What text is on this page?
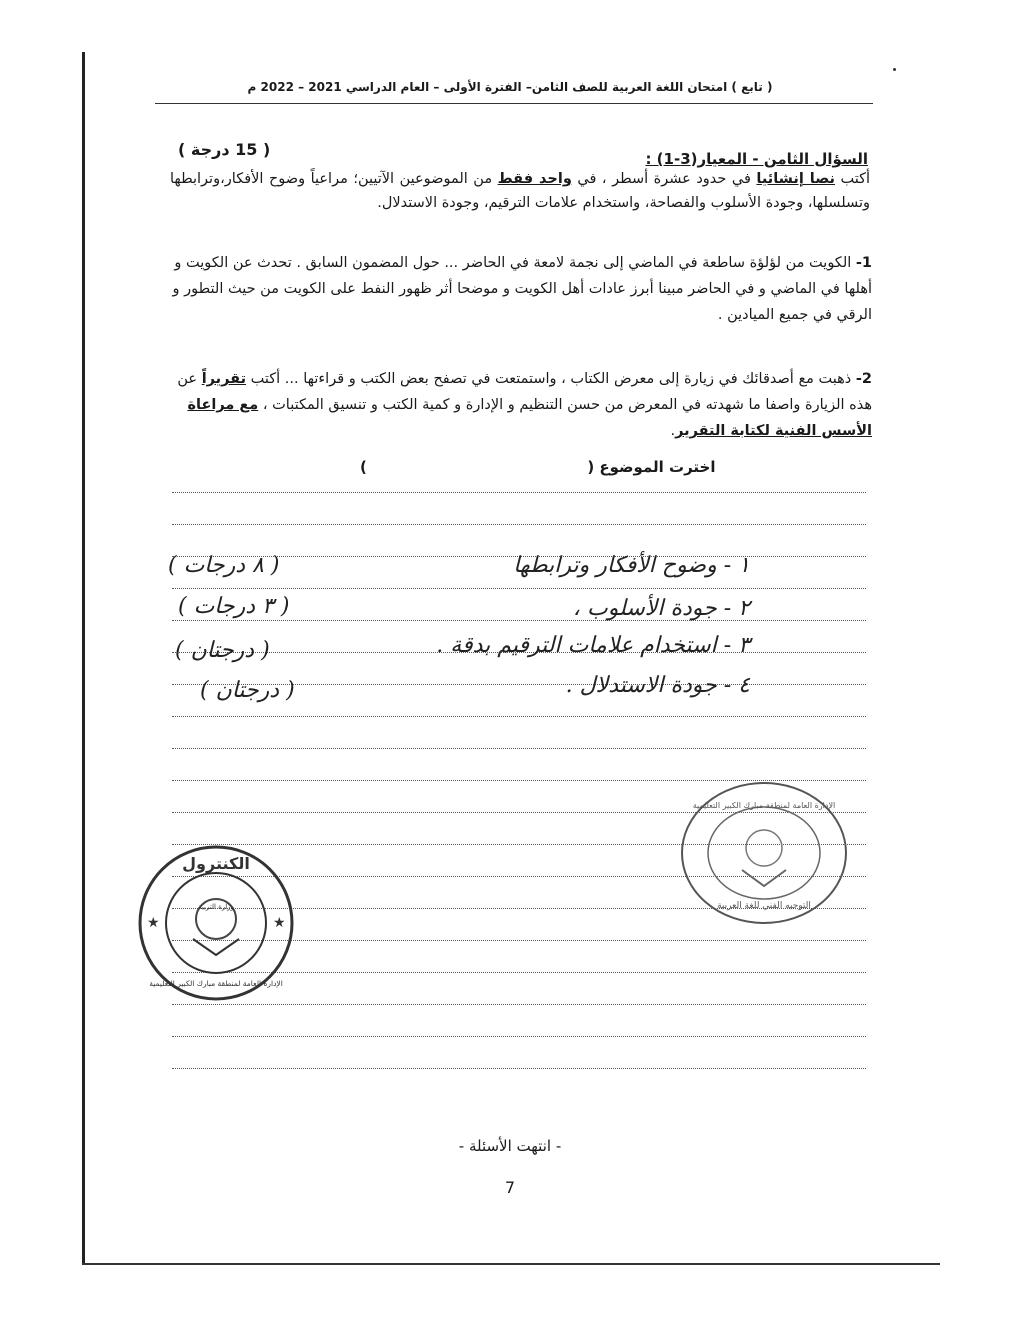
( تابع ) امتحان اللغة العربية للصف الثامن– الفترة الأولى – العام الدراسي 2021 – 2022 م
السؤال الثامن - المعيار(3-1) :
( 15 درجة )
أكتب نصا إنشائيا في حدود عشرة أسطر ، في واحد فقط من الموضوعين الآتيين؛ مراعياً وضوح الأفكار،وترابطها وتسلسلها، وجودة الأسلوب والفصاحة، واستخدام علامات الترقيم، وجودة الاستدلال.
1- الكويت من لؤلؤة ساطعة في الماضي إلى نجمة لامعة في الحاضر ... حول المضمون السابق . تحدث عن الكويت و أهلها في الماضي و في الحاضر مبينا أبرز عادات أهل الكويت و موضحا أثر ظهور النفط على الكويت من حيث التطور و الرقي في جميع الميادين .
2- ذهبت مع أصدقائك في زيارة إلى معرض الكتاب ، واستمتعت في تصفح بعض الكتب و قراءتها ... أكتب تقريراً عن هذه الزيارة واصفا ما شهدته في المعرض من حسن التنظيم و الإدارة و كمية الكتب و تنسيق المكتبات ، مع مراعاة الأسس الفنية لكتابة التقرير.
اخترت الموضوع (  )
١ - وضوح الأفكار وترابطها
( ٨ درجات )
٢ - جودة الأسلوب ،
( ٣ درجات )
٣ - استخدام علامات الترقيم بدقة .
( درجتان )
٤ - جودة الاستدلال .
( درجتان )
الإدارة العامة لمنطقة مبارك الكبير التعليمية
التوجيه الفني للغة العربية
★	★
الكنترول
وزارة التربية
الإدارة العامة لمنطقة مبارك الكبير التعليمية
- انتهت الأسئلة -
7
